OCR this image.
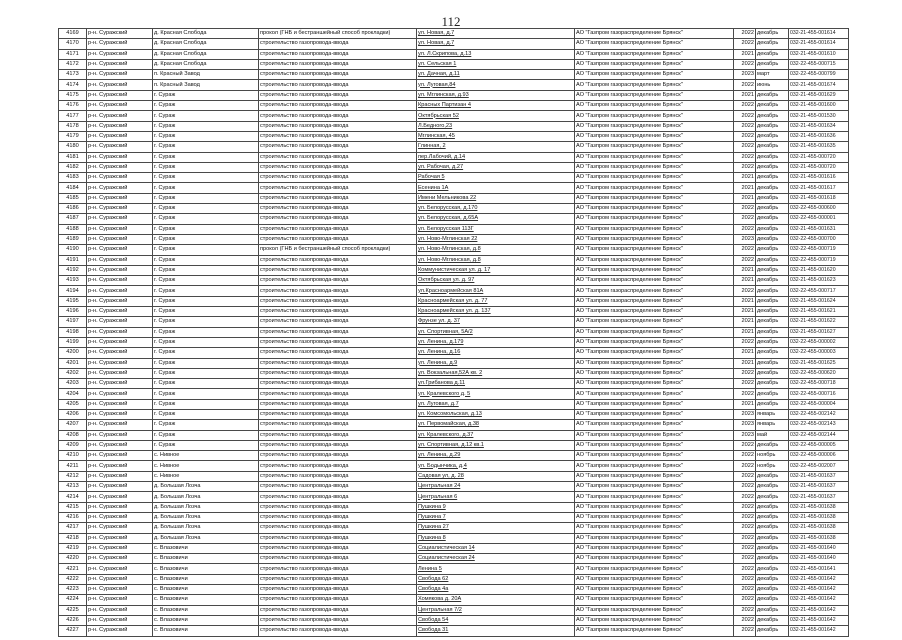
112
4169	р-н. Суражский	д. Красная Слобода	прокол (ГНБ и бестраншейный способ прокладки)	ул. Новая, д.7	АО "Газпром газораспределение Брянск"	2022	декабрь	032-21-455-001614
4170	р-н. Суражский	д. Красная Слобода	строительство газопровода-ввода	ул. Новая, д.7	АО "Газпром газораспределение Брянск"	2022	декабрь	032-21-455-001614
4171	р-н. Суражский	д. Красная Слобода	строительство газопровода-ввода	ул. Л.Скрипова, д.13	АО "Газпром газораспределение Брянск"	2021	декабрь	032-21-455-001610
4172	р-н. Суражский	д. Красная Слобода	строительство газопровода-ввода	ул. Сельская 1	АО "Газпром газораспределение Брянск"	2022	декабрь	032-22-455-000715
4173	р-н. Суражский	п. Красный Завод	строительство газопровода-ввода	ул. Дачная, д.11	АО "Газпром газораспределение Брянск"	2023	март	032-22-455-000799
4174	р-н. Суражский	п. Красный Завод	строительство газопровода-ввода	ул. Луговая,84	АО "Газпром газораспределение Брянск"	2022	июнь	032-21-455-001674
4175	р-н. Суражский	г. Сураж	строительство газопровода-ввода	ул. Мглинская, д.93	АО "Газпром газораспределение Брянск"	2021	декабрь	032-21-455-001629
4176	р-н. Суражский	г. Сураж	строительство газопровода-ввода	Красных Партизан 4	АО "Газпром газораспределение Брянск"	2022	декабрь	032-21-455-001600
4177	р-н. Суражский	г. Сураж	строительство газопровода-ввода	Октябрьская 52	АО "Газпром газораспределение Брянск"	2022	декабрь	032-21-455-001530
4178	р-н. Суражский	г. Сураж	строительство газопровода-ввода	Л.Бедного,23	АО "Газпром газораспределение Брянск"	2022	декабрь	032-21-455-001634
4179	р-н. Суражский	г. Сураж	строительство газопровода-ввода	Мглинская, 45	АО "Газпром газораспределение Брянск"	2022	декабрь	032-21-455-001636
4180	р-н. Суражский	г. Сураж	строительство газопровода-ввода	Глинная, 2	АО "Газпром газораспределение Брянск"	2022	декабрь	032-21-455-001635
4181	р-н. Суражский	г. Сураж	строительство газопровода-ввода	пер.Лабочий, д.14	АО "Газпром газораспределение Брянск"	2022	декабрь	032-21-455-000720
4182	р-н. Суражский	г. Сураж	строительство газопровода-ввода	ул. Рабочая, д.27	АО "Газпром газораспределение Брянск"	2022	декабрь	032-21-455-000720
4183	р-н. Суражский	г. Сураж	строительство газопровода-ввода	Рабочая 5	АО "Газпром газораспределение Брянск"	2021	декабрь	032-21-455-001616
4184	р-н. Суражский	г. Сураж	строительство газопровода-ввода	Есенина 1А	АО "Газпром газораспределение Брянск"	2021	декабрь	032-21-455-001617
4185	р-н. Суражский	г. Сураж	строительство газопровода-ввода	Имени Мельникова 22	АО "Газпром газораспределение Брянск"	2021	декабрь	032-21-455-001618
4186	р-н. Суражский	г. Сураж	строительство газопровода-ввода	ул. Белорусская, д.170	АО "Газпром газораспределение Брянск"	2022	декабрь	032-22-455-000600
4187	р-н. Суражский	г. Сураж	строительство газопровода-ввода	ул. Белорусская, д.65А	АО "Газпром газораспределение Брянск"	2022	декабрь	032-22-455-000001
4188	р-н. Суражский	г. Сураж	строительство газопровода-ввода	ул. Белорусская 113Г	АО "Газпром газораспределение Брянск"	2022	декабрь	032-21-455-001631
4189	р-н. Суражский	г. Сураж	строительство газопровода-ввода	ул. Ново-Мглинская 22	АО "Газпром газораспределение Брянск"	2023	декабрь	032-22-455-000700
4190	р-н. Суражский	г. Сураж	прокол (ГНБ и бестраншейный способ прокладки)	ул. Ново-Мглинская, д.8	АО "Газпром газораспределение Брянск"	2022	декабрь	032-22-455-000719
4191	р-н. Суражский	г. Сураж	строительство газопровода-ввода	ул. Ново-Мглинская, д.8	АО "Газпром газораспределение Брянск"	2022	декабрь	032-22-455-000719
4192	р-н. Суражский	г. Сураж	строительство газопровода-ввода	Коммунистическая ул. д. 17	АО "Газпром газораспределение Брянск"	2021	декабрь	032-21-455-001620
4193	р-н. Суражский	г. Сураж	строительство газопровода-ввода	Октябрьская ул. д. 97	АО "Газпром газораспределение Брянск"	2021	декабрь	032-21-455-001623
4194	р-н. Суражский	г. Сураж	строительство газопровода-ввода	ул.Красноармейская 81А	АО "Газпром газораспределение Брянск"	2022	декабрь	032-22-455-000717
4195	р-н. Суражский	г. Сураж	строительство газопровода-ввода	Красноармейская ул. д. 77	АО "Газпром газораспределение Брянск"	2021	декабрь	032-21-455-001624
4196	р-н. Суражский	г. Сураж	строительство газопровода-ввода	Красноармейская ул. д. 137	АО "Газпром газораспределение Брянск"	2021	декабрь	032-21-455-001621
4197	р-н. Суражский	г. Сураж	строительство газопровода-ввода	Фрунзе ул. д. 37	АО "Газпром газораспределение Брянск"	2021	декабрь	032-21-455-001622
4198	р-н. Суражский	г. Сураж	строительство газопровода-ввода	ул. Спортивная, 5А/2	АО "Газпром газораспределение Брянск"	2021	декабрь	032-21-455-001627
4199	р-н. Суражский	г. Сураж	строительство газопровода-ввода	ул. Ленина, д.179	АО "Газпром газораспределение Брянск"	2022	декабрь	032-22-455-000002
4200	р-н. Суражский	г. Сураж	строительство газопровода-ввода	ул. Ленина, д.16	АО "Газпром газораспределение Брянск"	2021	декабрь	032-22-455-000003
4201	р-н. Суражский	г. Сураж	строительство газопровода-ввода	ул. Ленина, д.9	АО "Газпром газораспределение Брянск"	2021	декабрь	032-21-455-001625
4202	р-н. Суражский	г. Сураж	строительство газопровода-ввода	ул. Вокзальная,52А кв. 2	АО "Газпром газораспределение Брянск"	2022	декабрь	032-22-455-000620
4203	р-н. Суражский	г. Сураж	строительство газопровода-ввода	ул.Грибанова д.11	АО "Газпром газораспределение Брянск"	2022	декабрь	032-22-455-000718
4204	р-н. Суражский	г. Сураж	строительство газопровода-ввода	ул. Кралевского д. 5	АО "Газпром газораспределение Брянск"	2022	декабрь	032-22-455-000716
4205	р-н. Суражский	г. Сураж	строительство газопровода-ввода	ул. Луговая, д.7	АО "Газпром газораспределение Брянск"	2021	декабрь	032-22-455-000004
4206	р-н. Суражский	г. Сураж	строительство газопровода-ввода	ул. Комсомольская, д.13	АО "Газпром газораспределение Брянск"	2023	январь	032-22-455-002142
4207	р-н. Суражский	г. Сураж	строительство газопровода-ввода	ул. Первомайская, д.38	АО "Газпром газораспределение Брянск"	2023	январь	032-22-455-002143
4208	р-н. Суражский	г. Сураж	строительство газопровода-ввода	ул. Кралевского, д.37	АО "Газпром газораспределение Брянск"	2023	май	032-22-455-002144
4209	р-н. Суражский	г. Сураж	строительство газопровода-ввода	ул. Спортивная, д.12 кв.1	АО "Газпром газораспределение Брянск"	2022	декабрь	032-22-455-000005
4210	р-н. Суражский	с. Нивное	строительство газопровода-ввода	ул. Ленина, д.29	АО "Газпром газораспределение Брянск"	2022	ноябрь	032-22-455-000006
4211	р-н. Суражский	с. Нивное	строительство газопровода-ввода	ул. Бодынчика, д.4	АО "Газпром газораспределение Брянск"	2022	ноябрь	032-22-455-002007
4212	р-н. Суражский	с. Нивное	строительство газопровода-ввода	Садовая ул, д. 28	АО "Газпром газораспределение Брянск"	2022	декабрь	032-21-455-001637
4213	р-н. Суражский	д. Большая Лозча	строительство газопровода-ввода	Центральная 24	АО "Газпром газораспределение Брянск"	2022	декабрь	032-21-455-001637
4214	р-н. Суражский	д. Большая Лозча	строительство газопровода-ввода	Центральная 6	АО "Газпром газораспределение Брянск"	2022	декабрь	032-21-455-001637
4215	р-н. Суражский	д. Большая Лозча	строительство газопровода-ввода	Пушкина 9	АО "Газпром газораспределение Брянск"	2022	декабрь	032-21-455-001638
4216	р-н. Суражский	д. Большая Лозча	строительство газопровода-ввода	Пушкина 7	АО "Газпром газораспределение Брянск"	2022	декабрь	032-21-455-001638
4217	р-н. Суражский	д. Большая Лозча	строительство газопровода-ввода	Пушкина 27	АО "Газпром газораспределение Брянск"	2022	декабрь	032-21-455-001638
4218	р-н. Суражский	д. Большая Лозча	строительство газопровода-ввода	Пушкина 8	АО "Газпром газораспределение Брянск"	2022	декабрь	032-21-455-001638
4219	р-н. Суражский	с. Влазовичи	строительство газопровода-ввода	Социалистическая 14	АО "Газпром газораспределение Брянск"	2022	декабрь	032-21-455-001640
4220	р-н. Суражский	с. Влазовичи	строительство газопровода-ввода	Социалистическая 24	АО "Газпром газораспределение Брянск"	2022	декабрь	032-21-455-001640
4221	р-н. Суражский	с. Влазовичи	строительство газопровода-ввода	Ленина 5	АО "Газпром газораспределение Брянск"	2022	декабрь	032-21-455-001641
4222	р-н. Суражский	с. Влазовичи	строительство газопровода-ввода	Свобода 62	АО "Газпром газораспределение Брянск"	2022	декабрь	032-21-455-001642
4223	р-н. Суражский	с. Влазовичи	строительство газопровода-ввода	Свобода 4а	АО "Газпром газораспределение Брянск"	2022	декабрь	032-21-455-001642
4224	р-н. Суражский	с. Влазовичи	строительство газопровода-ввода	Хомякова д. 20А	АО "Газпром газораспределение Брянск"	2022	декабрь	032-21-455-001642
4225	р-н. Суражский	с. Влазовичи	строительство газопровода-ввода	Центральная 7/2	АО "Газпром газораспределение Брянск"	2022	декабрь	032-21-455-001642
4226	р-н. Суражский	с. Влазовичи	строительство газопровода-ввода	Свобода 54	АО "Газпром газораспределение Брянск"	2022	декабрь	032-21-455-001642
4227	р-н. Суражский	с. Влазовичи	строительство газопровода-ввода	Свобода 31	АО "Газпром газораспределение Брянск"	2022	декабрь	032-21-455-001642
